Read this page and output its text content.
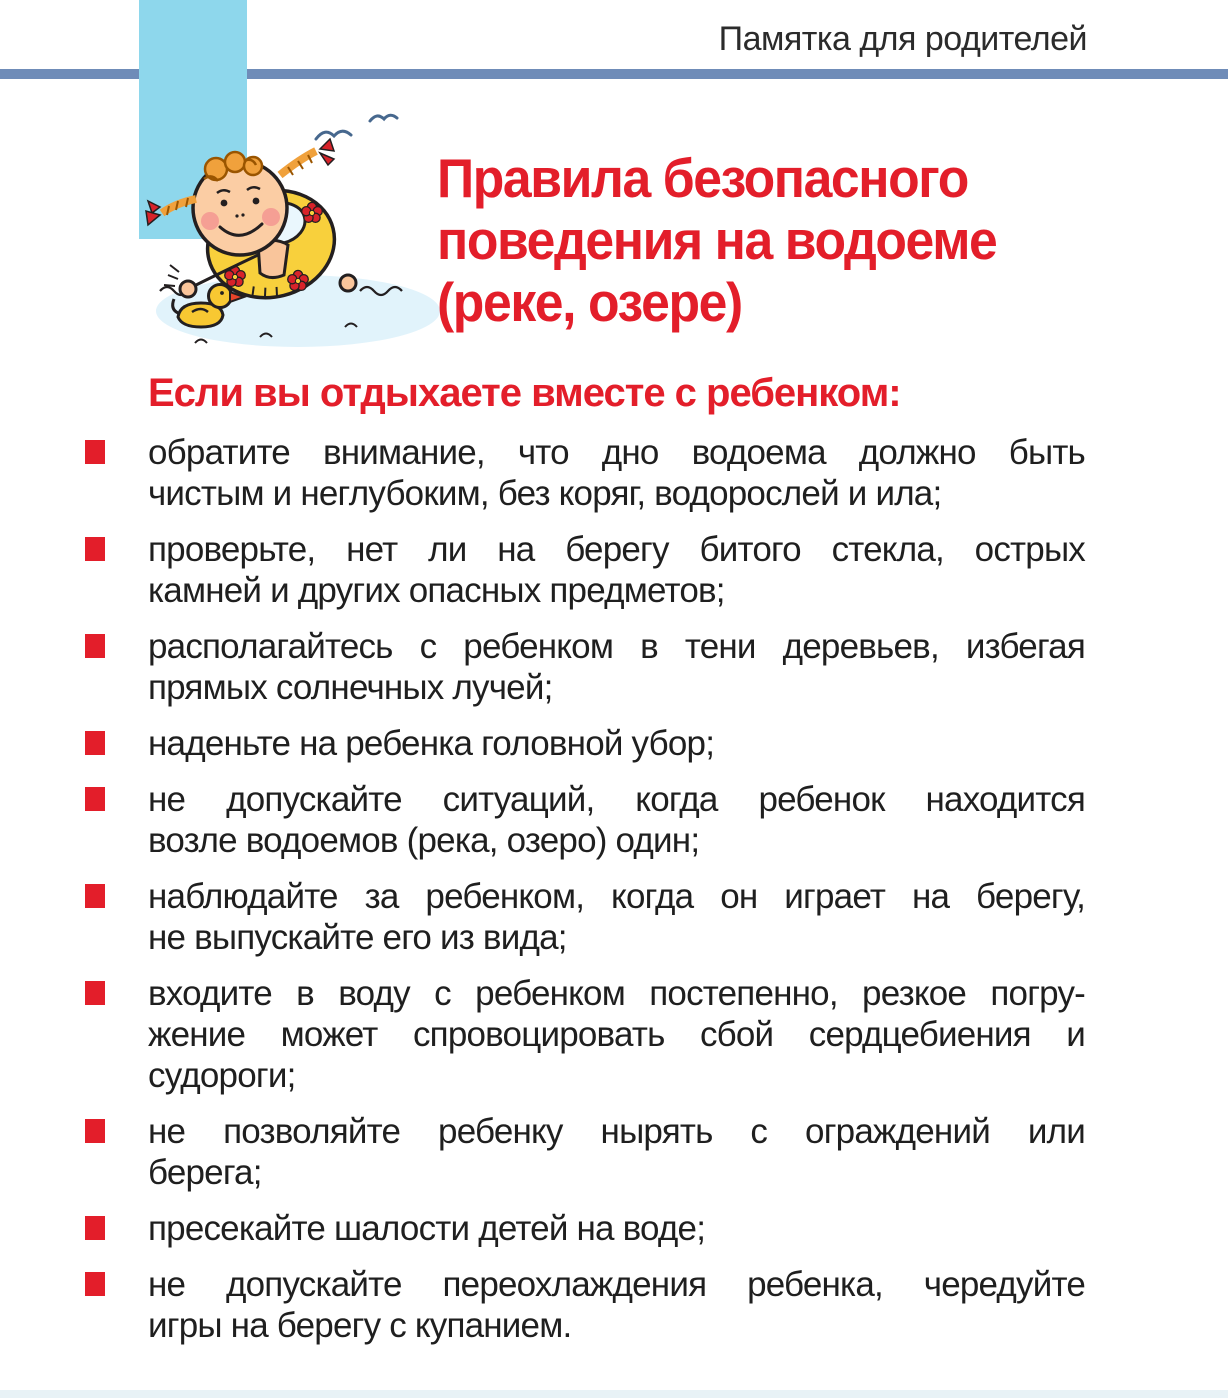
Памятка для родителей
Правила безопасного
поведения на водоеме
(реке, озере)
Если вы отдыхаете вместе с ребенком:
обратите внимание, что дно водоема должно быть
чистым и неглубоким, без коряг, водорослей и ила;
проверьте, нет ли на берегу битого стекла, острых
камней и других опасных предметов;
располагайтесь с ребенком в тени деревьев, избегая
прямых солнечных лучей;
наденьте на ребенка головной убор;
не допускайте ситуаций, когда ребенок находится
возле водоемов (река, озеро) один;
наблюдайте за ребенком, когда он играет на берегу,
не выпускайте его из вида;
входите в воду с ребенком постепенно, резкое погру-
жение может спровоцировать сбой сердцебиения и
судороги;
не позволяйте ребенку нырять с ограждений или
берега;
пресекайте шалости детей на воде;
не допускайте переохлаждения ребенка, чередуйте
игры на берегу с купанием.
